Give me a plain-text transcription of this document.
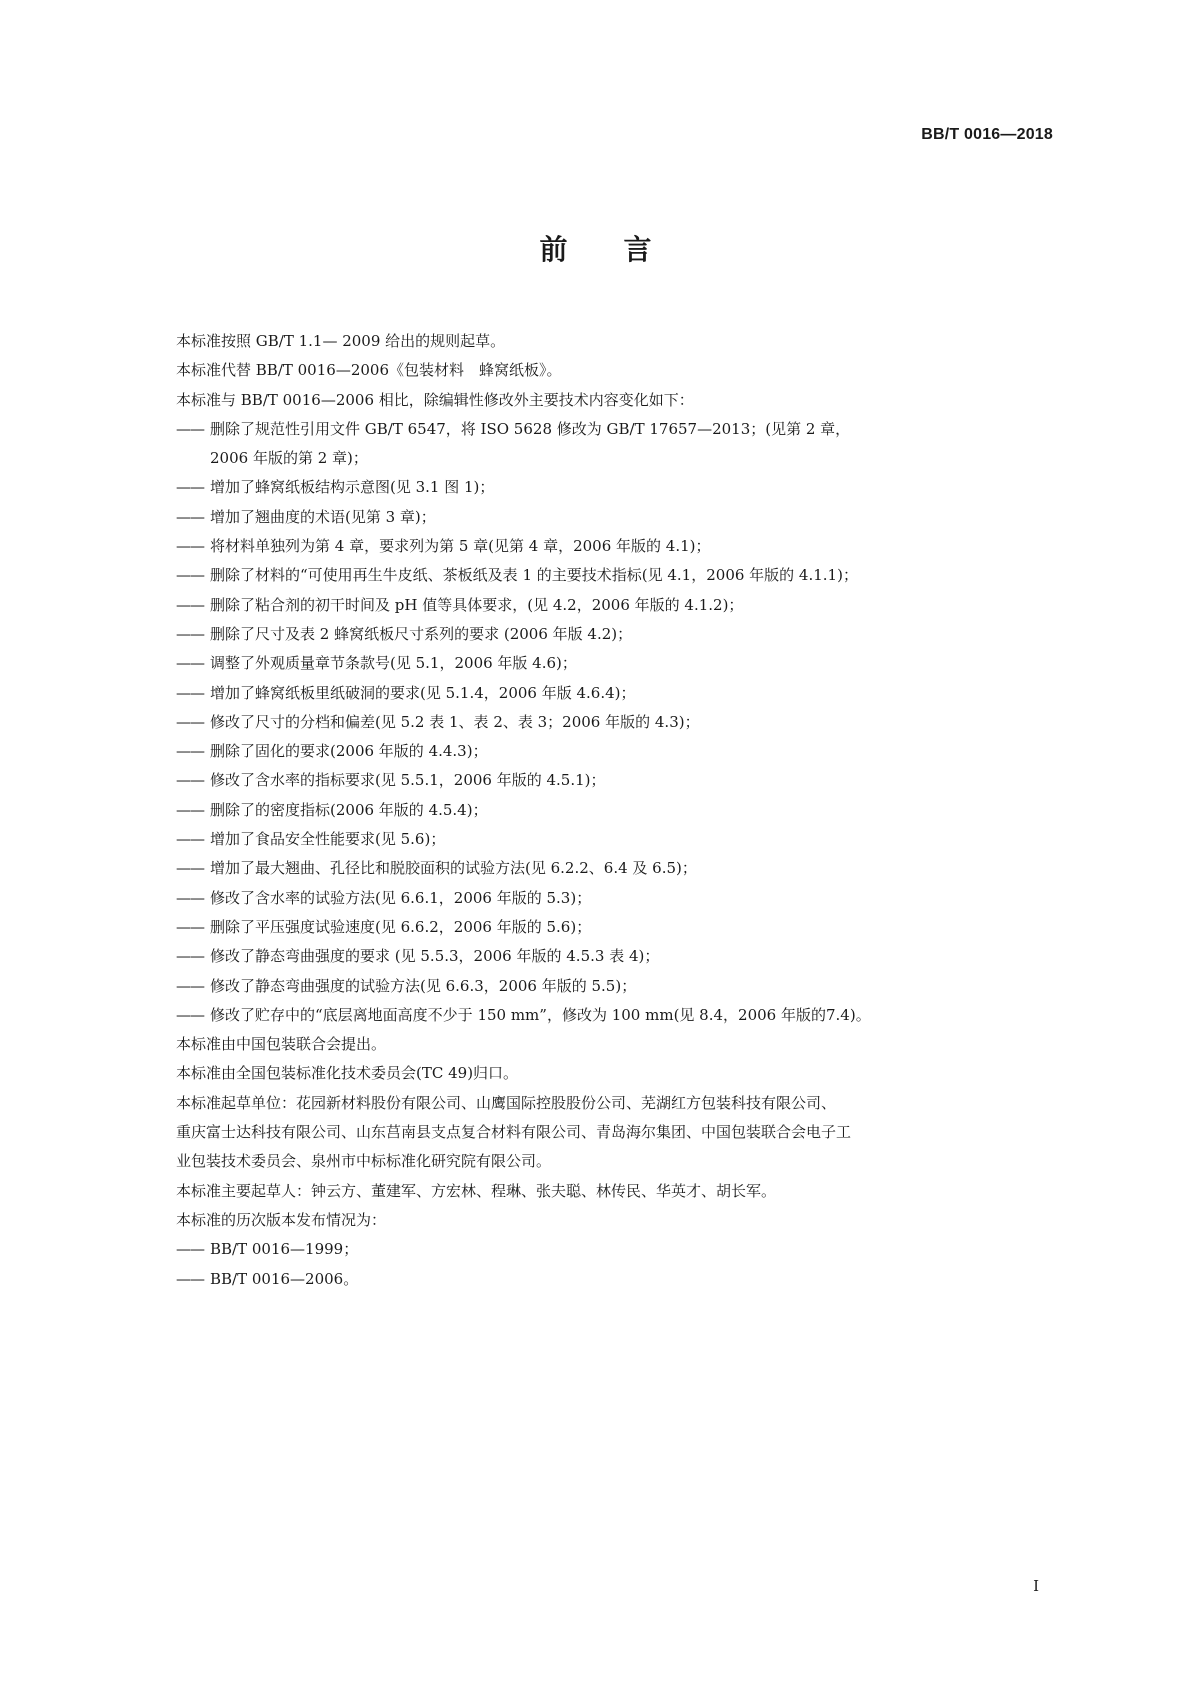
BB/T 0016—2018
前言
本标准按照 GB/T 1.1— 2009 给出的规则起草。
本标准代替 BB/T 0016—2006《包装材料　蜂窝纸板》。
本标准与 BB/T 0016—2006 相比，除编辑性修改外主要技术内容变化如下：
—— 删除了规范性引用文件 GB/T 6547，将 ISO 5628 修改为 GB/T 17657—2013；(见第 2 章，
2006 年版的第 2 章)；
—— 增加了蜂窝纸板结构示意图(见 3.1 图 1)；
—— 增加了翘曲度的术语(见第 3 章)；
—— 将材料单独列为第 4 章，要求列为第 5 章(见第 4 章，2006 年版的 4.1)；
—— 删除了材料的“可使用再生牛皮纸、茶板纸及表 1 的主要技术指标(见 4.1，2006 年版的 4.1.1)；
—— 删除了粘合剂的初干时间及 pH 值等具体要求，(见 4.2，2006 年版的 4.1.2)；
—— 删除了尺寸及表 2 蜂窝纸板尺寸系列的要求 (2006 年版 4.2)；
—— 调整了外观质量章节条款号(见 5.1，2006 年版 4.6)；
—— 增加了蜂窝纸板里纸破洞的要求(见 5.1.4，2006 年版 4.6.4)；
—— 修改了尺寸的分档和偏差(见 5.2 表 1、表 2、表 3；2006 年版的 4.3)；
—— 删除了固化的要求(2006 年版的 4.4.3)；
—— 修改了含水率的指标要求(见 5.5.1，2006 年版的 4.5.1)；
—— 删除了的密度指标(2006 年版的 4.5.4)；
—— 增加了食品安全性能要求(见 5.6)；
—— 增加了最大翘曲、孔径比和脱胶面积的试验方法(见 6.2.2、6.4 及 6.5)；
—— 修改了含水率的试验方法(见 6.6.1，2006 年版的 5.3)；
—— 删除了平压强度试验速度(见 6.6.2，2006 年版的 5.6)；
—— 修改了静态弯曲强度的要求 (见 5.5.3，2006 年版的 4.5.3 表 4)；
—— 修改了静态弯曲强度的试验方法(见 6.6.3，2006 年版的 5.5)；
—— 修改了贮存中的“底层离地面高度不少于 150 mm”，修改为 100 mm(见 8.4，2006 年版的7.4)。
本标准由中国包装联合会提出。
本标准由全国包装标准化技术委员会(TC 49)归口。
本标准起草单位：花园新材料股份有限公司、山鹰国际控股股份公司、芜湖红方包装科技有限公司、
重庆富士达科技有限公司、山东莒南县支点复合材料有限公司、青岛海尔集团、中国包装联合会电子工
业包装技术委员会、泉州市中标标准化研究院有限公司。
本标准主要起草人：钟云方、董建军、方宏林、程琳、张夫聪、林传民、华英才、胡长军。
本标准的历次版本发布情况为：
—— BB/T 0016—1999；
—— BB/T 0016—2006。
I
